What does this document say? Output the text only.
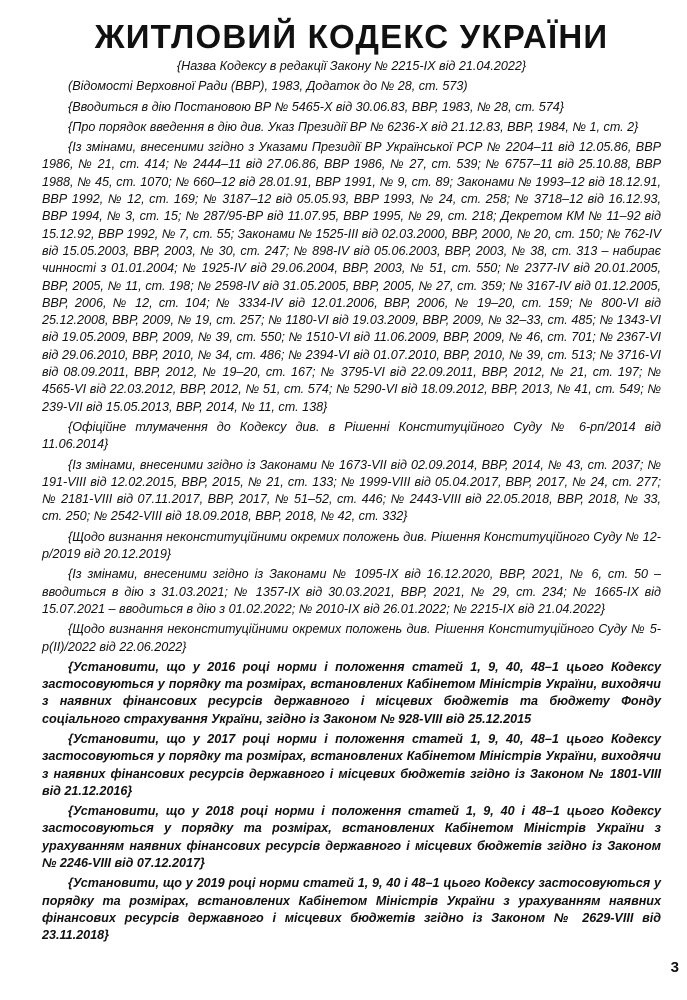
ЖИТЛОВИЙ КОДЕКС УКРАЇНИ

{Назва Кодексу в редакції Закону № 2215-IX від 21.04.2022}

(Відомості Верховної Ради (ВВР), 1983, Додаток до № 28, ст. 573)

{Вводиться в дію Постановою ВР № 5465-X від 30.06.83, ВВР, 1983, № 28, ст. 574}

{Про порядок введення в дію див. Указ Президії ВР № 6236-X від 21.12.83, ВВР, 1984, № 1, ст. 2}

{Із змінами, внесеними згідно з Указами Президії ВР Української РСР № 2204–11 від 12.05.86, ВВР 1986, № 21, ст. 414; № 2444–11 від 27.06.86, ВВР 1986, № 27, ст. 539; № 6757–11 від 25.10.88, ВВР 1988, № 45, ст. 1070; № 660–12 від 28.01.91, ВВР 1991, № 9, ст. 89; Законами № 1993–12 від 18.12.91, ВВР 1992, № 12, ст. 169; № 3187–12 від 05.05.93, ВВР 1993, № 24, ст. 258; № 3718–12 від 16.12.93, ВВР 1994, № 3, ст. 15; № 287/95-ВР від 11.07.95, ВВР 1995, № 29, ст. 218; Декретом КМ № 11–92 від 15.12.92, ВВР 1992, № 7, ст. 55; Законами № 1525-III від 02.03.2000, ВВР, 2000, № 20, ст. 150; № 762-IV від 15.05.2003, ВВР, 2003, № 30, ст. 247; № 898-IV від 05.06.2003, ВВР, 2003, № 38, ст. 313 – набирає чинності з 01.01.2004; № 1925-IV від 29.06.2004, ВВР, 2003, № 51, ст. 550; № 2377-IV від 20.01.2005, ВВР, 2005, № 11, ст. 198; № 2598-IV від 31.05.2005, ВВР, 2005, № 27, ст. 359; № 3167-IV від 01.12.2005, ВВР, 2006, № 12, ст. 104; № 3334-IV від 12.01.2006, ВВР, 2006, № 19–20, ст. 159; № 800-VI від 25.12.2008, ВВР, 2009, № 19, ст. 257; № 1180-VI від 19.03.2009, ВВР, 2009, № 32–33, ст. 485; № 1343-VI від 19.05.2009, ВВР, 2009, № 39, ст. 550; № 1510-VI від 11.06.2009, ВВР, 2009, № 46, ст. 701; № 2367-VI від 29.06.2010, ВВР, 2010, № 34, ст. 486; № 2394-VI від 01.07.2010, ВВР, 2010, № 39, ст. 513; № 3716-VI від 08.09.2011, ВВР, 2012, № 19–20, ст. 167; № 3795-VI від 22.09.2011, ВВР, 2012, № 21, ст. 197; № 4565-VI від 22.03.2012, ВВР, 2012, № 51, ст. 574; № 5290-VI від 18.09.2012, ВВР, 2013, № 41, ст. 549; № 239-VII від 15.05.2013, ВВР, 2014, № 11, ст. 138}

{Офіційне тлумачення до Кодексу див. в Рішенні Конституційного Суду № 6-рп/2014 від 11.06.2014}

{Із змінами, внесеними згідно із Законами № 1673-VII від 02.09.2014, ВВР, 2014, № 43, ст. 2037; № 191-VIII від 12.02.2015, ВВР, 2015, № 21, ст. 133; № 1999-VIII від 05.04.2017, ВВР, 2017, № 24, ст. 277; № 2181-VIII від 07.11.2017, ВВР, 2017, № 51–52, ст. 446; № 2443-VIII від 22.05.2018, ВВР, 2018, № 33, ст. 250; № 2542-VIII від 18.09.2018, ВВР, 2018, № 42, ст. 332}

{Щодо визнання неконституційними окремих положень див. Рішення Конституційного Суду № 12-р/2019 від 20.12.2019}

{Із змінами, внесеними згідно із Законами № 1095-IX від 16.12.2020, ВВР, 2021, № 6, ст. 50 – вводиться в дію з 31.03.2021; № 1357-IX від 30.03.2021, ВВР, 2021, № 29, ст. 234; № 1665-IX від 15.07.2021 – вводиться в дію з 01.02.2022; № 2010-IX від 26.01.2022; № 2215-IX від 21.04.2022}

{Щодо визнання неконституційними окремих положень див. Рішення Конституційного Суду № 5-р(II)/2022 від 22.06.2022}

{Установити, що у 2016 році норми і положення статей 1, 9, 40, 48–1 цього Кодексу застосовуються у порядку та розмірах, встановлених Кабінетом Міністрів України, виходячи з наявних фінансових ресурсів державного і місцевих бюджетів та бюджету Фонду соціального страхування України, згідно із Законом № 928-VIII від 25.12.2015

{Установити, що у 2017 році норми і положення статей 1, 9, 40, 48–1 цього Кодексу застосовуються у порядку та розмірах, встановлених Кабінетом Міністрів України, виходячи з наявних фінансових ресурсів державного і місцевих бюджетів згідно із Законом № 1801-VIII від 21.12.2016}

{Установити, що у 2018 році норми і положення статей 1, 9, 40 і 48–1 цього Кодексу застосовуються у порядку та розмірах, встановлених Кабінетом Міністрів України з урахуванням наявних фінансових ресурсів державного і місцевих бюджетів згідно із Законом № 2246-VIII від 07.12.2017}

{Установити, що у 2019 році норми статей 1, 9, 40 і 48–1 цього Кодексу застосовуються у порядку та розмірах, встановлених Кабінетом Міністрів України з урахуванням наявних фінансових ресурсів державного і місцевих бюджетів згідно із Законом № 2629-VIII від 23.11.2018}

3
